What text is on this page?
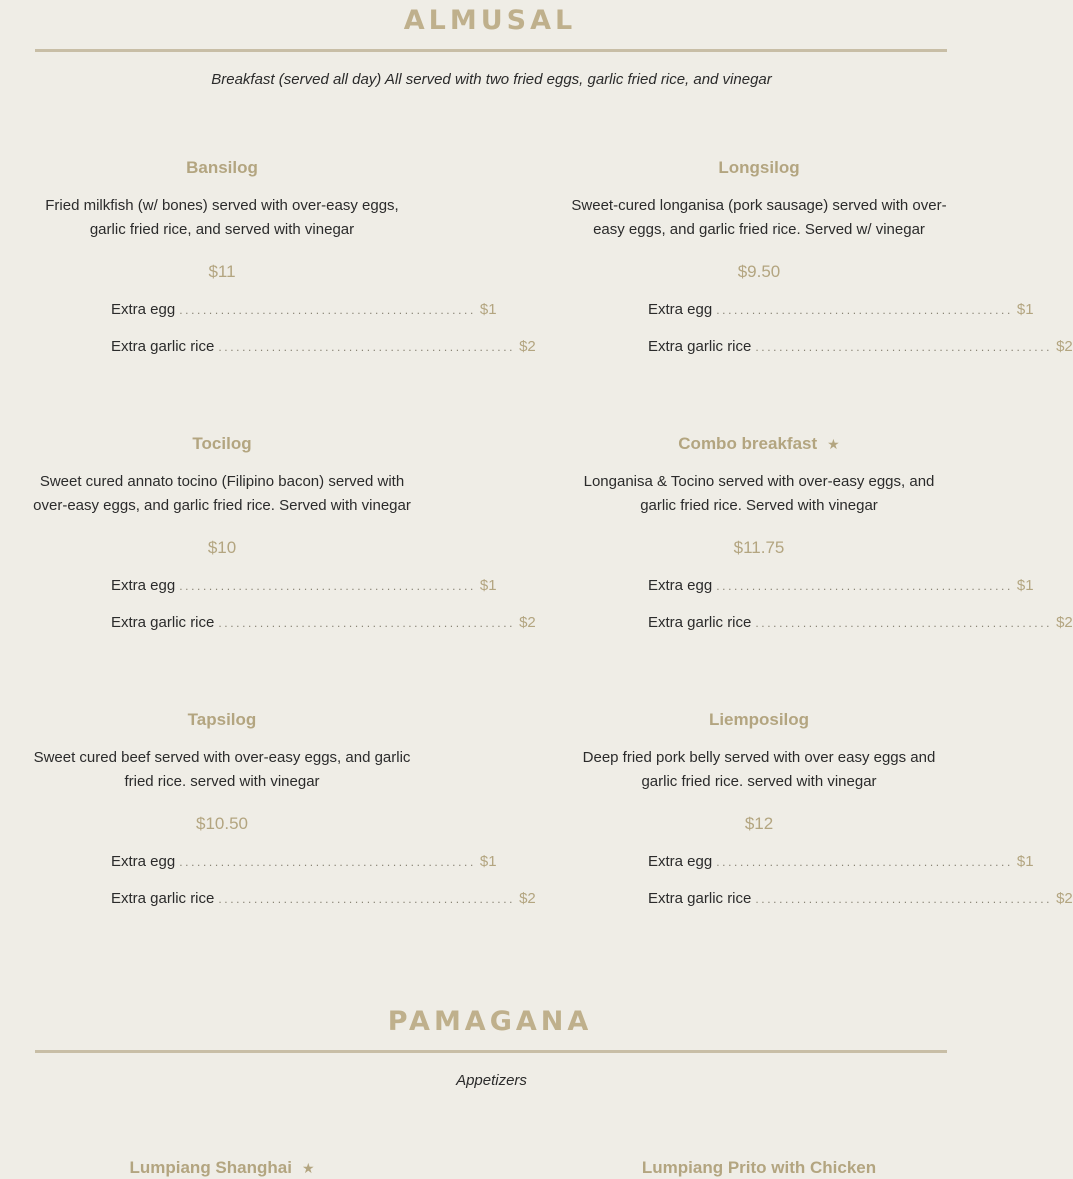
ALMUSAL

Breakfast (served all day) All served with two fried eggs, garlic fried rice, and vinegar

Bansilog

Fried milkfish (w/ bones) served with over-easy eggs, garlic fried rice, and served with vinegar

$11

Extra egg .................................................. $1
Extra garlic rice .................................................. $2
Longsilog

Sweet-cured longanisa (pork sausage) served with over-easy eggs, and garlic fried rice. Served w/ vinegar

$9.50

Extra egg .................................................. $1
Extra garlic rice .................................................. $2
Tocilog

Sweet cured annato tocino (Filipino bacon) served with over-easy eggs, and garlic fried rice. Served with vinegar

$10

Extra egg .................................................. $1
Extra garlic rice .................................................. $2
Combo breakfast ★

Longanisa & Tocino served with over-easy eggs, and garlic fried rice. Served with vinegar

$11.75

Extra egg .................................................. $1
Extra garlic rice .................................................. $2
Tapsilog

Sweet cured beef served with over-easy eggs, and garlic fried rice. served with vinegar

$10.50

Extra egg .................................................. $1
Extra garlic rice .................................................. $2
Liemposilog

Deep fried pork belly served with over easy eggs and garlic fried rice. served with vinegar

$12

Extra egg .................................................. $1
Extra garlic rice .................................................. $2
PAMAGANA

Appetizers

Lumpiang Shanghai ★	Lumpiang Prito with Chicken
